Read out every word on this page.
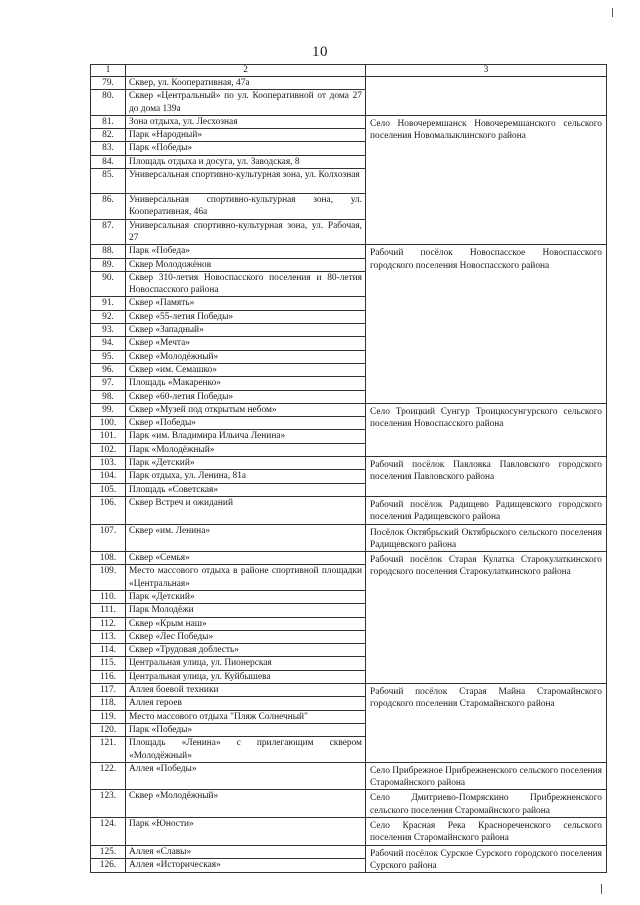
10
1	2	3
79.	Сквер, ул. Кооперативная, 47а	
80.	Сквер «Центральный» по ул. Кооперативной от дома 27 до дома 139а	
81.	Зона отдыха, ул. Лесхозная	Село Новочеремшанск Новочеремшанского сельского поселения Новомалыклинского района
82.	Парк «Народный»	
83.	Парк «Победы»	
84.	Площадь отдыха и досуга, ул. Заводская, 8	
85.	Универсальная спортивно-культурная зона, ул. Колхозная	
86.	Универсальная спортивно-культурная зона, ул. Кооперативная, 46а	
87.	Универсальная спортивно-культурная зона, ул. Рабочая, 27	
88.	Парк «Победа»	Рабочий посёлок Новоспасское Новоспасского городского поселения Новоспасского района
89.	Сквер Молодожёнов	
90.	Сквер 310-летия Новоспасского поселения и 80-летия Новоспасского района	
91.	Сквер «Память»	
92.	Сквер «55-летия Победы»	
93.	Сквер «Западный»	
94.	Сквер «Мечта»	
95.	Сквер «Молодёжный»	
96.	Сквер «им. Семашко»	
97.	Площадь «Макаренко»	
98.	Сквер «60-летия Победы»	
99.	Сквер «Музей под открытым небом»	Село Троицкий Сунгур Троицкосунгурского сельского поселения Новоспасского района
100.	Сквер «Победы»	
101.	Парк «им. Владимира Ильича Ленина»	
102.	Парк «Молодёжный»	
103.	Парк «Детский»	Рабочий посёлок Павловка Павловского городского поселения Павловского района
104.	Парк отдыха, ул. Ленина, 81а	
105.	Площадь «Советская»	
106.	Сквер Встреч и ожиданий	Рабочий посёлок Радищево Радищевского городского поселения Радищевского района
107.	Сквер «им. Ленина»	Посёлок Октябрьский Октябрьского сельского поселения Радищевского района
108.	Сквер «Семья»	Рабочий посёлок Старая Кулатка Старокулаткинского городского поселения Старокулаткинского района
109.	Место массового отдыха в районе спортивной площадки «Центральная»	
110.	Парк «Детский»	
111.	Парк Молодёжи	
112.	Сквер «Крым наш»	
113.	Сквер «Лес Победы»	
114.	Сквер «Трудовая доблесть»	
115.	Центральная улица, ул. Пионерская	
116.	Центральная улица, ул. Куйбышева	
117.	Аллея боевой техники	Рабочий посёлок Старая Майна Старомайнского городского поселения Старомайнского района
118.	Аллея героев	
119.	Место массового отдыха "Пляж Солнечный"	
120.	Парк «Победы»	
121.	Площадь «Ленина» с прилегающим сквером «Молодёжный»	
122.	Аллея «Победы»	Село Прибрежное Прибрежненского сельского поселения Старомайнского района
123.	Сквер «Молодёжный»	Село Дмитриево-Помряскино Прибрежненского сельского поселения Старомайнского района
124.	Парк «Юности»	Село Красная Река Краснореченского сельского поселения Старомайнского района
125.	Аллея «Славы»	Рабочий посёлок Сурское Сурского городского поселения Сурского района
126.	Аллея «Историческая»	
